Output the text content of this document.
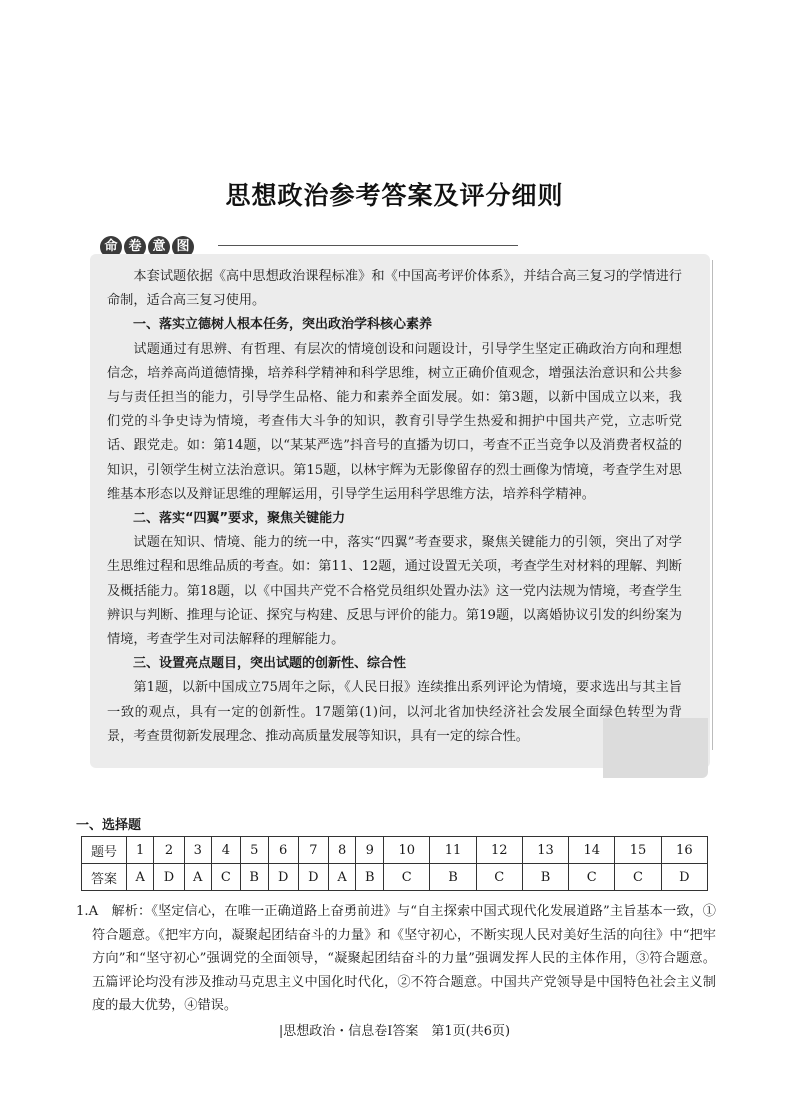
思想政治参考答案及评分细则
命 卷 意 图

本套试题依据《高中思想政治课程标准》和《中国高考评价体系》，并结合高三复习的学情进行命制，适合高三复习使用。

一、落实立德树人根本任务，突出政治学科核心素养

试题通过有思辨、有哲理、有层次的情境创设和问题设计，引导学生坚定正确政治方向和理想信念，培养高尚道德情操，培养科学精神和科学思维，树立正确价值观念，增强法治意识和公共参与与责任担当的能力，引导学生品格、能力和素养全面发展。如：第3题，以新中国成立以来，我们党的斗争史诗为情境，考查伟大斗争的知识，教育引导学生热爱和拥护中国共产党，立志听党话、跟党走。如：第14题，以“某某严选”抖音号的直播为切口，考查不正当竞争以及消费者权益的知识，引领学生树立法治意识。第15题，以林宇辉为无影像留存的烈士画像为情境，考查学生对思维基本形态以及辩证思维的理解运用，引导学生运用科学思维方法，培养科学精神。

二、落实“四翼”要求，聚焦关键能力

试题在知识、情境、能力的统一中，落实“四翼”考查要求，聚焦关键能力的引领，突出了对学生思维过程和思维品质的考查。如：第11、12题，通过设置无关项，考查学生对材料的理解、判断及概括能力。第18题，以《中国共产党不合格党员组织处置办法》这一党内法规为情境，考查学生辨识与判断、推理与论证、探究与构建、反思与评价的能力。第19题，以离婚协议引发的纠纷案为情境，考查学生对司法解释的理解能力。

三、设置亮点题目，突出试题的创新性、综合性

第1题，以新中国成立75周年之际，《人民日报》连续推出系列评论为情境，要求选出与其主旨一致的观点，具有一定的创新性。17题第(1)问，以河北省加快经济社会发展全面绿色转型为背景，考查贯彻新发展理念、推动高质量发展等知识，具有一定的综合性。

一、选择题
题号	1	2	3	4	5	6	7	8	9	10	11	12	13	14	15	16
答案	A	D	A	C	B	D	D	A	B	C	B	C	B	C	C	D

1.A　解析：《坚定信心，在唯一正确道路上奋勇前进》与“自主探索中国式现代化发展道路”主旨基本一致，①符合题意。《把牢方向，凝聚起团结奋斗的力量》和《坚守初心，不断实现人民对美好生活的向往》中“把牢方向”和“坚守初心”强调党的全面领导，“凝聚起团结奋斗的力量”强调发挥人民的主体作用，③符合题意。五篇评论均没有涉及推动马克思主义中国化时代化，②不符合题意。中国共产党领导是中国特色社会主义制度的最大优势，④错误。

|思想政治・信息卷Ⅰ答案　第1页(共6页)
